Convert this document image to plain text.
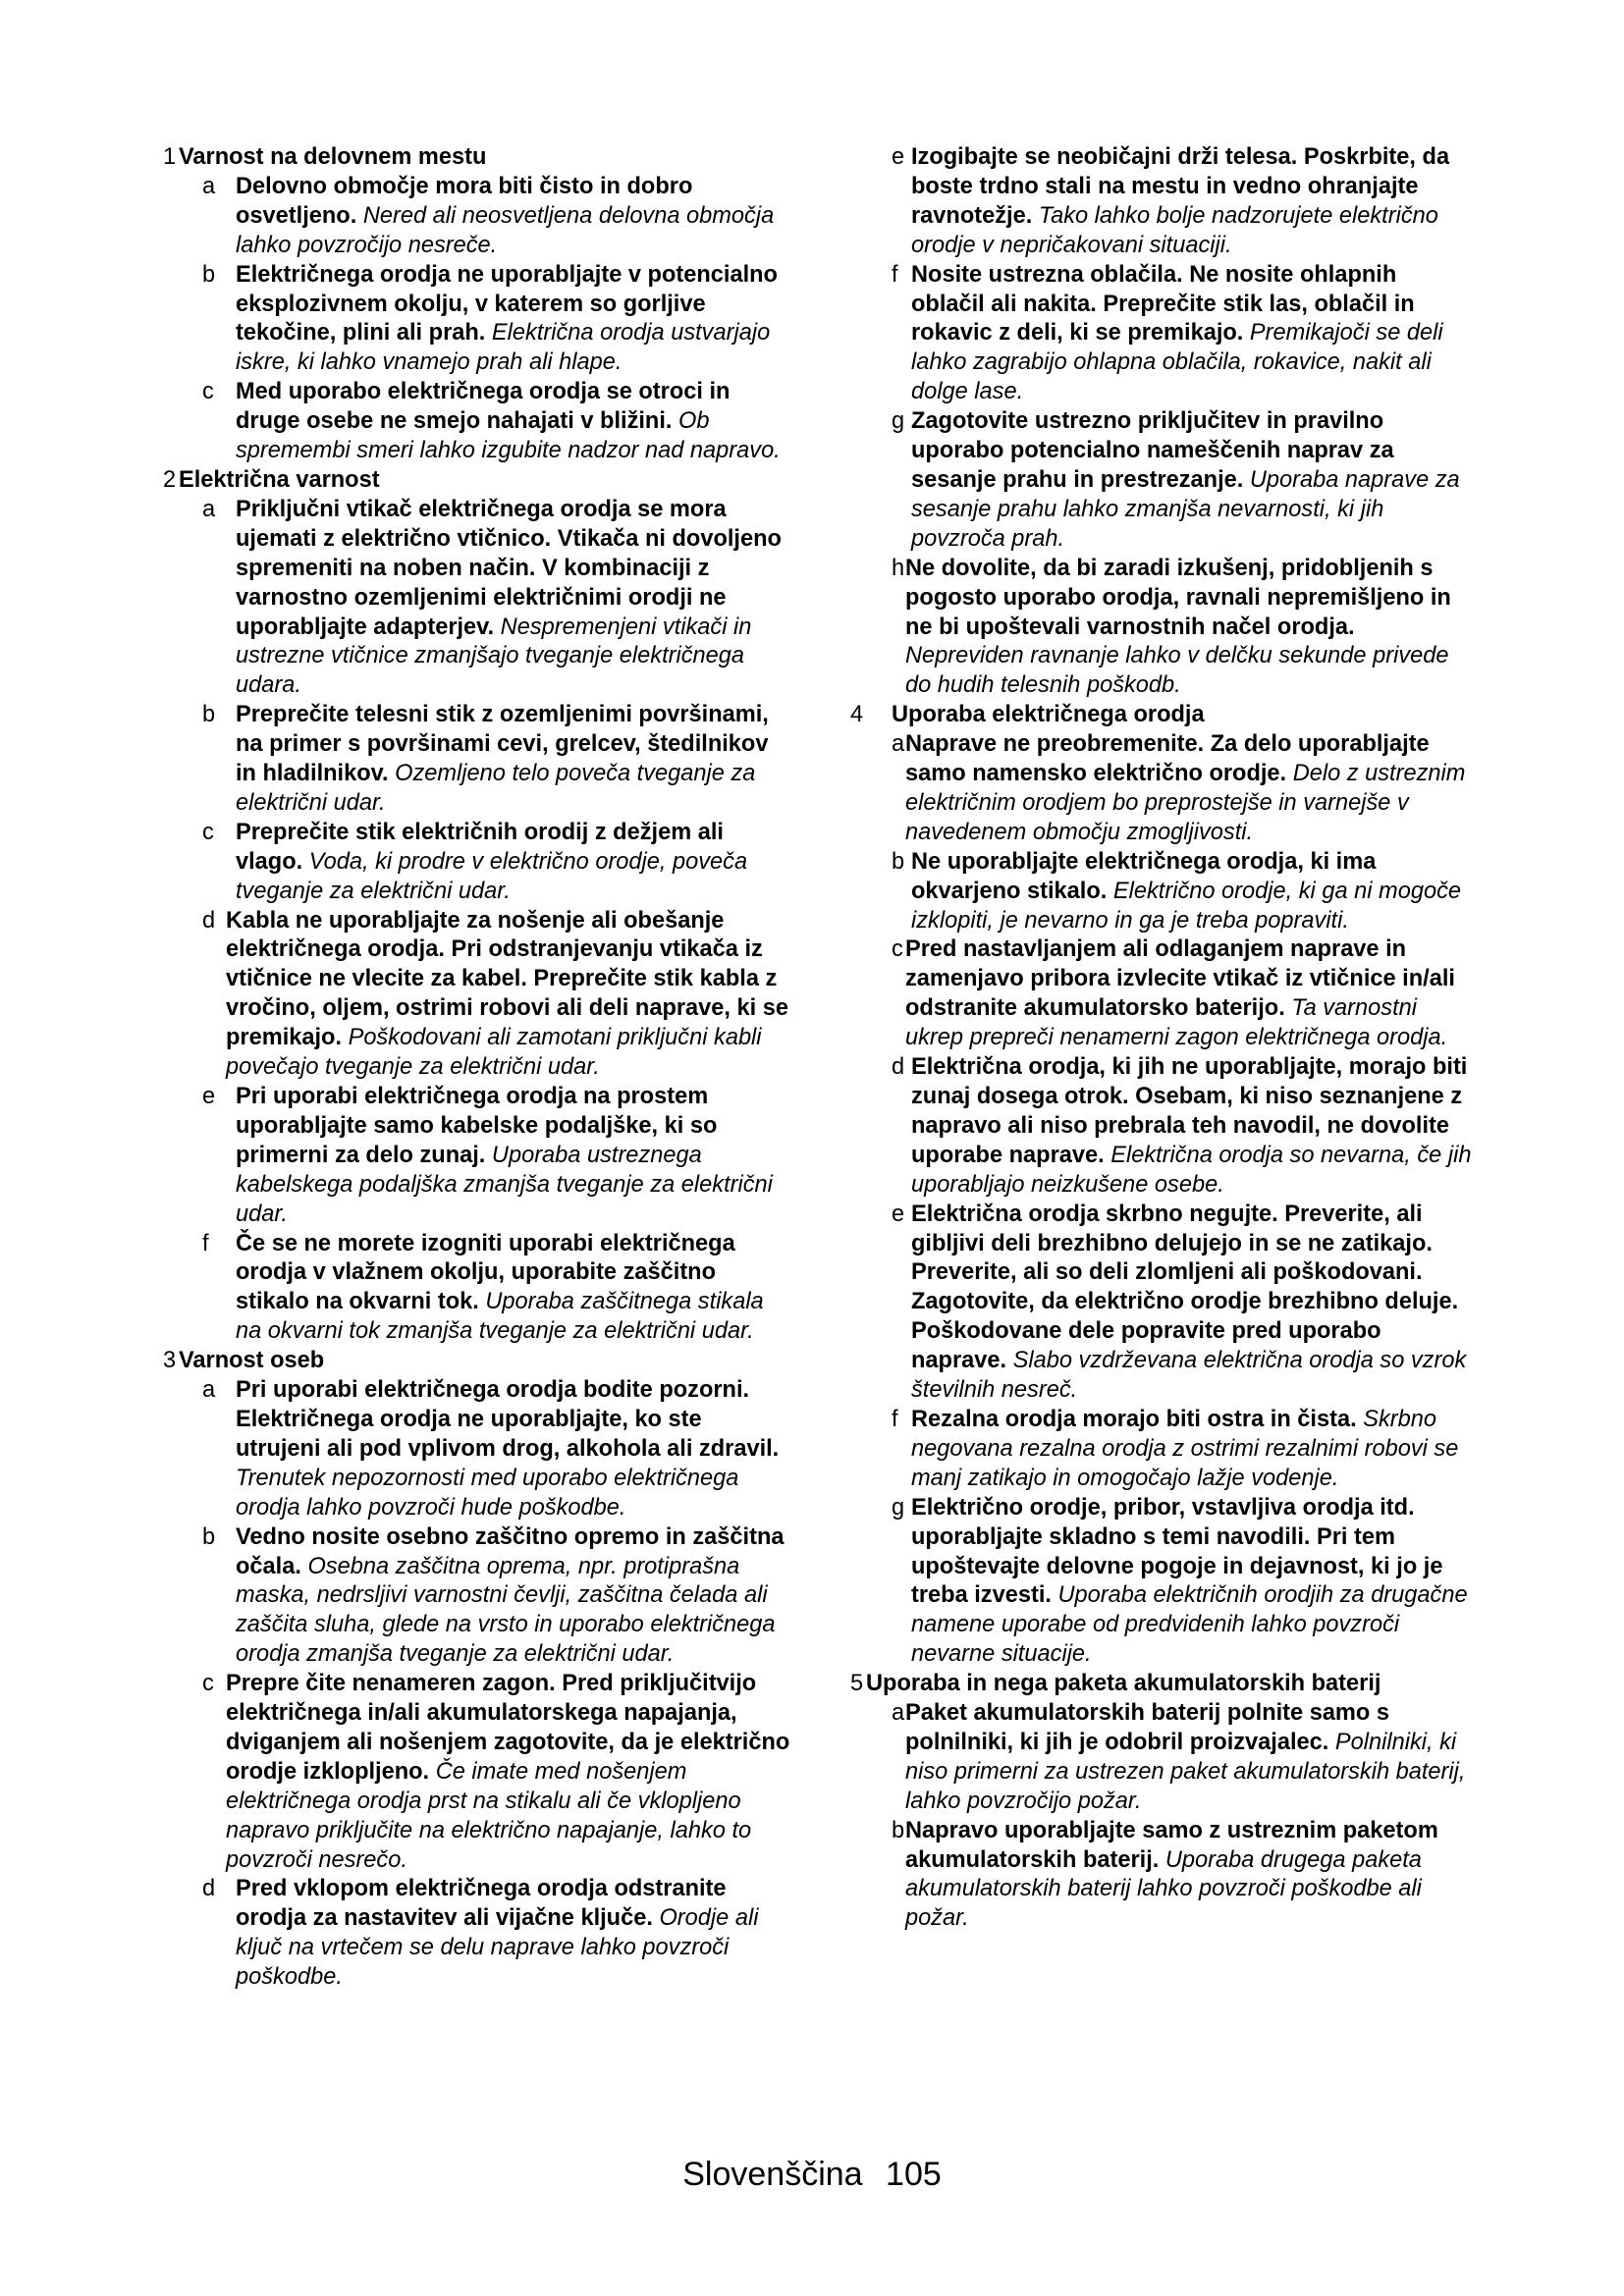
1 Varnost na delovnem mestu
a Delovno območje mora biti čisto in dobro osvetljeno. Nered ali neosvetljena delovna območja lahko povzročijo nesreče.
b Električnega orodja ne uporabljajte v potencialno eksplozivnem okolju, v katerem so gorljive tekočine, plini ali prah. Električna orodja ustvarjajo iskre, ki lahko vnamejo prah ali hlape.
c Med uporabo električnega orodja se otroci in druge osebe ne smejo nahajati v bližini. Ob spremembi smeri lahko izgubite nadzor nad napravo.
2 Električna varnost
a Priključni vtikač električnega orodja se mora ujemati z električno vtičnico. Vtikača ni dovoljeno spremeniti na noben način. V kombinaciji z varnostno ozemljenimi električnimi orodji ne uporabljajte adapterjev. Nespremenjeni vtikači in ustrezne vtičnice zmanjšajo tveganje električnega udara.
b Preprečite telesni stik z ozemljenimi površinami, na primer s površinami cevi, grelcev, štedilnikov in hladilnikov. Ozemljeno telo poveča tveganje za električni udar.
c Preprečite stik električnih orodij z dežjem ali vlago. Voda, ki prodre v električno orodje, poveča tveganje za električni udar.
d Kabla ne uporabljajte za nošenje ali obešanje električnega orodja. Pri odstranjevanju vtikača iz vtičnice ne vlecite za kabel. Preprečite stik kabla z vročino, oljem, ostrimi robovi ali deli naprave, ki se premikajo. Poškodovani ali zamotani priključni kabli povečajo tveganje za električni udar.
e Pri uporabi električnega orodja na prostem uporabljajte samo kabelske podaljške, ki so primerni za delo zunaj. Uporaba ustreznega kabelskega podaljška zmanjša tveganje za električni udar.
f	Če se ne morete izogniti uporabi električnega orodja v vlažnem okolju, uporabite zaščitno stikalo na okvarni tok. Uporaba zaščitnega stikala na okvarni tok zmanjša tveganje za električni udar.
3 Varnost oseb
a Pri uporabi električnega orodja bodite pozorni. Električnega orodja ne uporabljajte, ko ste utrujeni ali pod vplivom drog, alkohola ali zdravil. Trenutek nepozornosti med uporabo električnega orodja lahko povzroči hude poškodbe.
b Vedno nosite osebno zaščitno opremo in zaščitna očala. Osebna zaščitna oprema, npr. protiprašna maska, nedrsljivi varnostni čevlji, zaščitna čelada ali zaščita sluha, glede na vrsto in uporabo električnega orodja zmanjša tveganje za električni udar.
c Prepre čite nenameren zagon. Pred priključitvijo električnega in/ali akumulatorskega napajanja, dviganjem ali nošenjem zagotovite, da je električno orodje izklopljeno. Če imate med nošenjem električnega orodja prst na stikalu ali če vklopljeno napravo priključite na električno napajanje, lahko to povzroči nesrečo.
d Pred vklopom električnega orodja odstranite orodja za nastavitev ali vijačne ključe. Orodje ali ključ na vrtečem se delu naprave lahko povzroči poškodbe.
e Izogibajte se neobičajni drži telesa. Poskrbite, da boste trdno stali na mestu in vedno ohranjajte ravnotežje. Tako lahko bolje nadzorujete električno orodje v nepričakovani situaciji.
f Nosite ustrezna oblačila. Ne nosite ohlapnih oblačil ali nakita. Preprečite stik las, oblačil in rokavic z deli, ki se premikajo. Premikajoči se deli lahko zagrabijo ohlapna oblačila, rokavice, nakit ali dolge lase.
g Zagotovite ustrezno priključitev in pravilno uporabo potencialno nameščenih naprav za sesanje prahu in prestrezanje. Uporaba naprave za sesanje prahu lahko zmanjša nevarnosti, ki jih povzroča prah.
h Ne dovolite, da bi zaradi izkušenj, pridobljenih s pogosto uporabo orodja, ravnali nepremišljeno in ne bi upoštevali varnostnih načel orodja. Nepreviden ravnanje lahko v delčku sekunde privede do hudih telesnih poškodb.
4	Uporaba električnega orodja
a Naprave ne preobremenite. Za delo uporabljajte samo namensko električno orodje. Delo z ustreznim električnim orodjem bo preprostejše in varnejše v navedenem območju zmogljivosti.
b Ne uporabljajte električnega orodja, ki ima okvarjeno stikalo. Električno orodje, ki ga ni mogoče izklopiti, je nevarno in ga je treba popraviti.
c Pred nastavljanjem ali odlaganjem naprave in zamenjavo pribora izvlecite vtikač iz vtičnice in/ali odstranite akumulatorsko baterijo. Ta varnostni ukrep prepreči nenamerni zagon električnega orodja.
d Električna orodja, ki jih ne uporabljajte, morajo biti zunaj dosega otrok. Osebam, ki niso seznanjene z napravo ali niso prebrala teh navodil, ne dovolite uporabe naprave. Električna orodja so nevarna, če jih uporabljajo neizkušene osebe.
e Električna orodja skrbno negujte. Preverite, ali gibljivi deli brezhibno delujejo in se ne zatikajo. Preverite, ali so deli zlomljeni ali poškodovani. Zagotovite, da električno orodje brezhibno deluje. Poškodovane dele popravite pred uporabo naprave. Slabo vzdrževana električna orodja so vzrok številnih nesreč.
f Rezalna orodja morajo biti ostra in čista. Skrbno negovana rezalna orodja z ostrimi rezalnimi robovi se manj zatikajo in omogočajo lažje vodenje.
g Električno orodje, pribor, vstavljiva orodja itd. uporabljajte skladno s temi navodili. Pri tem upoštevajte delovne pogoje in dejavnost, ki jo je treba izvesti. Uporaba električnih orodjih za drugačne namene uporabe od predvidenih lahko povzroči nevarne situacije.
5 Uporaba in nega paketa akumulatorskih baterij
a Paket akumulatorskih baterij polnite samo s polnilniki, ki jih je odobril proizvajalec. Polnilniki, ki niso primerni za ustrezen paket akumulatorskih baterij, lahko povzročijo požar.
b Napravo uporabljajte samo z ustreznim paketom akumulatorskih baterij. Uporaba drugega paketa akumulatorskih baterij lahko povzroči poškodbe ali požar.
Slovenščina 105
